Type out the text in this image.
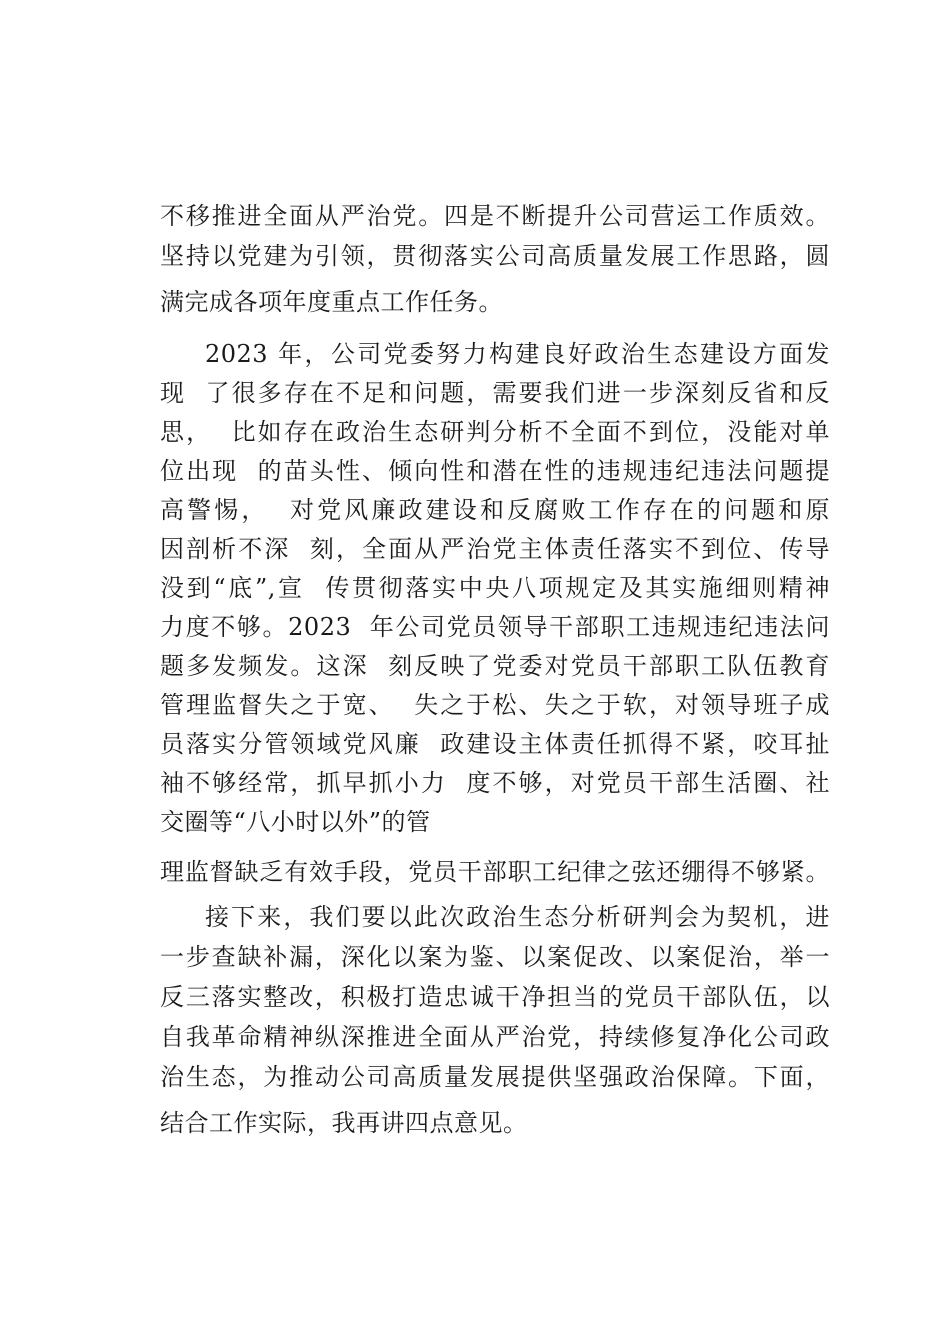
不移推进全面从严治党。四是不断提升公司营运工作质效。
坚持以党建为引领，贯彻落实公司高质量发展工作思路，圆
满完成各项年度重点工作任务。
2023 年，公司党委努力构建良好政治生态建设方面发
现  了很多存在不足和问题，需要我们进一步深刻反省和反
思，  比如存在政治生态研判分析不全面不到位，没能对单
位出现  的苗头性、倾向性和潜在性的违规违纪违法问题提
高警惕，  对党风廉政建设和反腐败工作存在的问题和原
因剖析不深  刻，全面从严治党主体责任落实不到位、传导
没到“底”,宣  传贯彻落实中央八项规定及其实施细则精神
力度不够。2023  年公司党员领导干部职工违规违纪违法问
题多发频发。这深  刻反映了党委对党员干部职工队伍教育
管理监督失之于宽、  失之于松、失之于软，对领导班子成
员落实分管领域党风廉  政建设主体责任抓得不紧，咬耳扯
袖不够经常，抓早抓小力  度不够，对党员干部生活圈、社
交圈等“八小时以外”的管
理监督缺乏有效手段，党员干部职工纪律之弦还绷得不够紧。
接下来，我们要以此次政治生态分析研判会为契机，进
一步查缺补漏，深化以案为鉴、以案促改、以案促治，举一
反三落实整改，积极打造忠诚干净担当的党员干部队伍，以
自我革命精神纵深推进全面从严治党，持续修复净化公司政
治生态，为推动公司高质量发展提供坚强政治保障。下面，
结合工作实际，我再讲四点意见。
